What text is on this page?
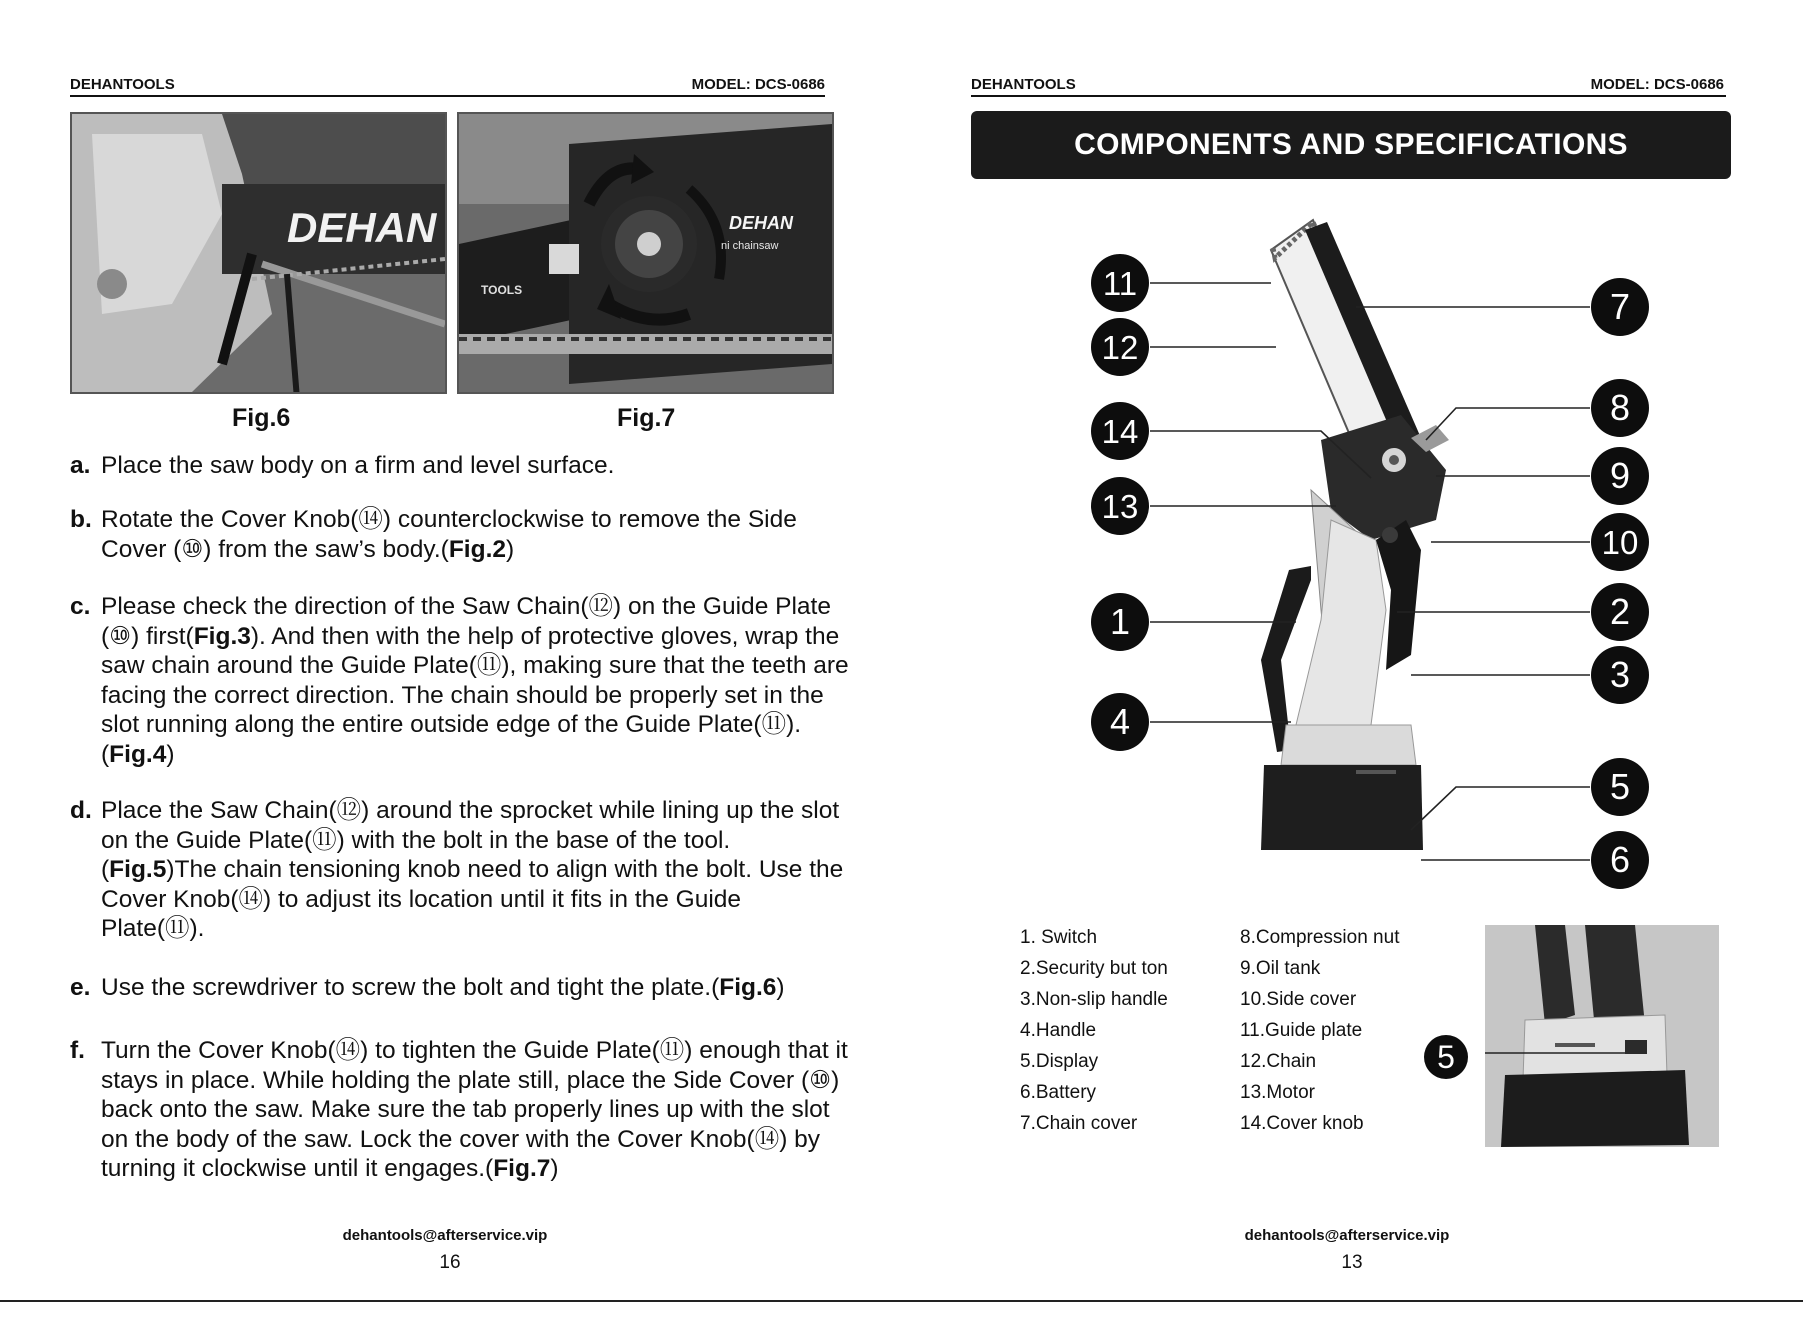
DEHANTOOLS	MODEL: DCS-0686
DEHAN	DEHAN
ni chainsaw
TOOLS
Fig.6	Fig.7
a. Place the saw body on a firm and level surface.
b. Rotate the Cover Knob(⑭) counterclockwise to remove the Side Cover (⑩) from the saw’s body.(Fig.2)
c. Please check the direction of the Saw Chain(⑫) on the Guide Plate (⑩) first(Fig.3). And then with the help of protective gloves, wrap the saw chain around the Guide Plate(⑪), making sure that the teeth are facing the correct direction. The chain should be properly set in the slot running along the entire outside edge of the Guide Plate(⑪). (Fig.4)
d. Place the Saw Chain(⑫) around the sprocket while lining up the slot on the Guide Plate(⑪) with the bolt in the base of the tool. (Fig.5)The chain tensioning knob need to align with the bolt. Use the Cover Knob(⑭) to adjust its location until it fits in the Guide Plate(⑪).
e. Use the screwdriver to screw the bolt and tight the plate.(Fig.6)
f. Turn the Cover Knob(⑭) to tighten the Guide Plate(⑪) enough that it stays in place. While holding the plate still, place the Side Cover (⑩) back onto the saw. Make sure the tab properly lines up with the slot on the body of the saw. Lock the cover with the Cover Knob(⑭) by turning it clockwise until it engages.(Fig.7)
dehantools@afterservice.vip
16
DEHANTOOLS	MODEL: DCS-0686
COMPONENTS AND SPECIFICATIONS
11
12
14
13
1
4
7
8
9
10
2
3
5
6
1. Switch
2.Security but ton
3.Non-slip handle
4.Handle
5.Display
6.Battery
7.Chain cover
8.Compression nut
9.Oil tank
10.Side cover
11.Guide plate
12.Chain
13.Motor
14.Cover knob
5
dehantools@afterservice.vip
13
